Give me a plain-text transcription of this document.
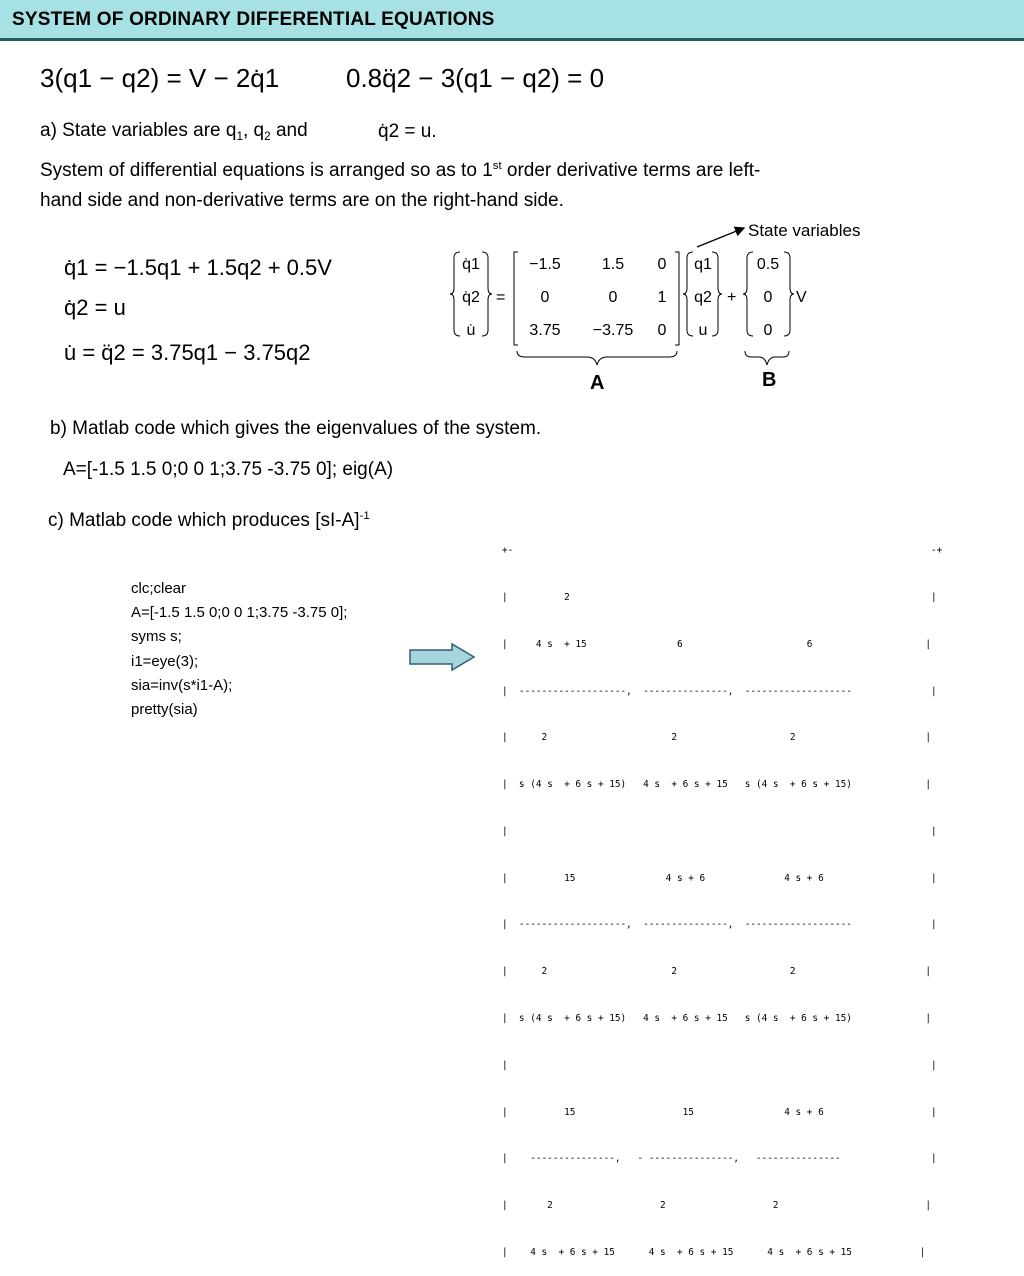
SYSTEM OF ORDINARY DIFFERENTIAL EQUATIONS
3(q1 − q2) = V − 2q̇1	0.8q̈2 − 3(q1 − q2) = 0
a) State variables are $q_1$, $q_2$ and	q̇2 = u.
System of differential equations is arranged so as to 1st order derivative terms are left-
hand side and non-derivative terms are on the right-hand side.
q̇1 = −1.5q1 + 1.5q2 + 0.5V
q̇2 = u
u̇ = q̈2 = 3.75q1 − 3.75q2
State variables
q̇1
q̇2
u̇
=
−1.5	1.5	0
0	0	1
3.75	−3.75	0
q1
q2
u
+
0.5
0
0
V
A	B
b) Matlab code which gives the eigenvalues of the system.
A=[-1.5 1.5 0;0 0 1;3.75 -3.75 0]; eig(A)
c) Matlab code which produces $[sI-A]^{-1}$
clc;clear
A=[-1.5 1.5 0;0 0 1;3.75 -3.75 0];
syms s;
i1=eye(3);
sia=inv(s*i1-A);
pretty(sia)

+-                                                                          -+

|          2                                                                |

|     4 s  + 15                6                      6                    |

|  -------------------,  ---------------,  -------------------              |

|      2                      2                    2                       |

|  s (4 s  + 6 s + 15)   4 s  + 6 s + 15   s (4 s  + 6 s + 15)             |

|                                                                           |

|          15                4 s + 6              4 s + 6                   |

|  -------------------,  ---------------,  -------------------              |

|      2                      2                    2                       |

|  s (4 s  + 6 s + 15)   4 s  + 6 s + 15   s (4 s  + 6 s + 15)             |

|                                                                           |

|          15                   15                4 s + 6                   |

|    ---------------,   - ---------------,   ---------------                |

|       2                   2                   2                          |

|    4 s  + 6 s + 15      4 s  + 6 s + 15      4 s  + 6 s + 15            |
